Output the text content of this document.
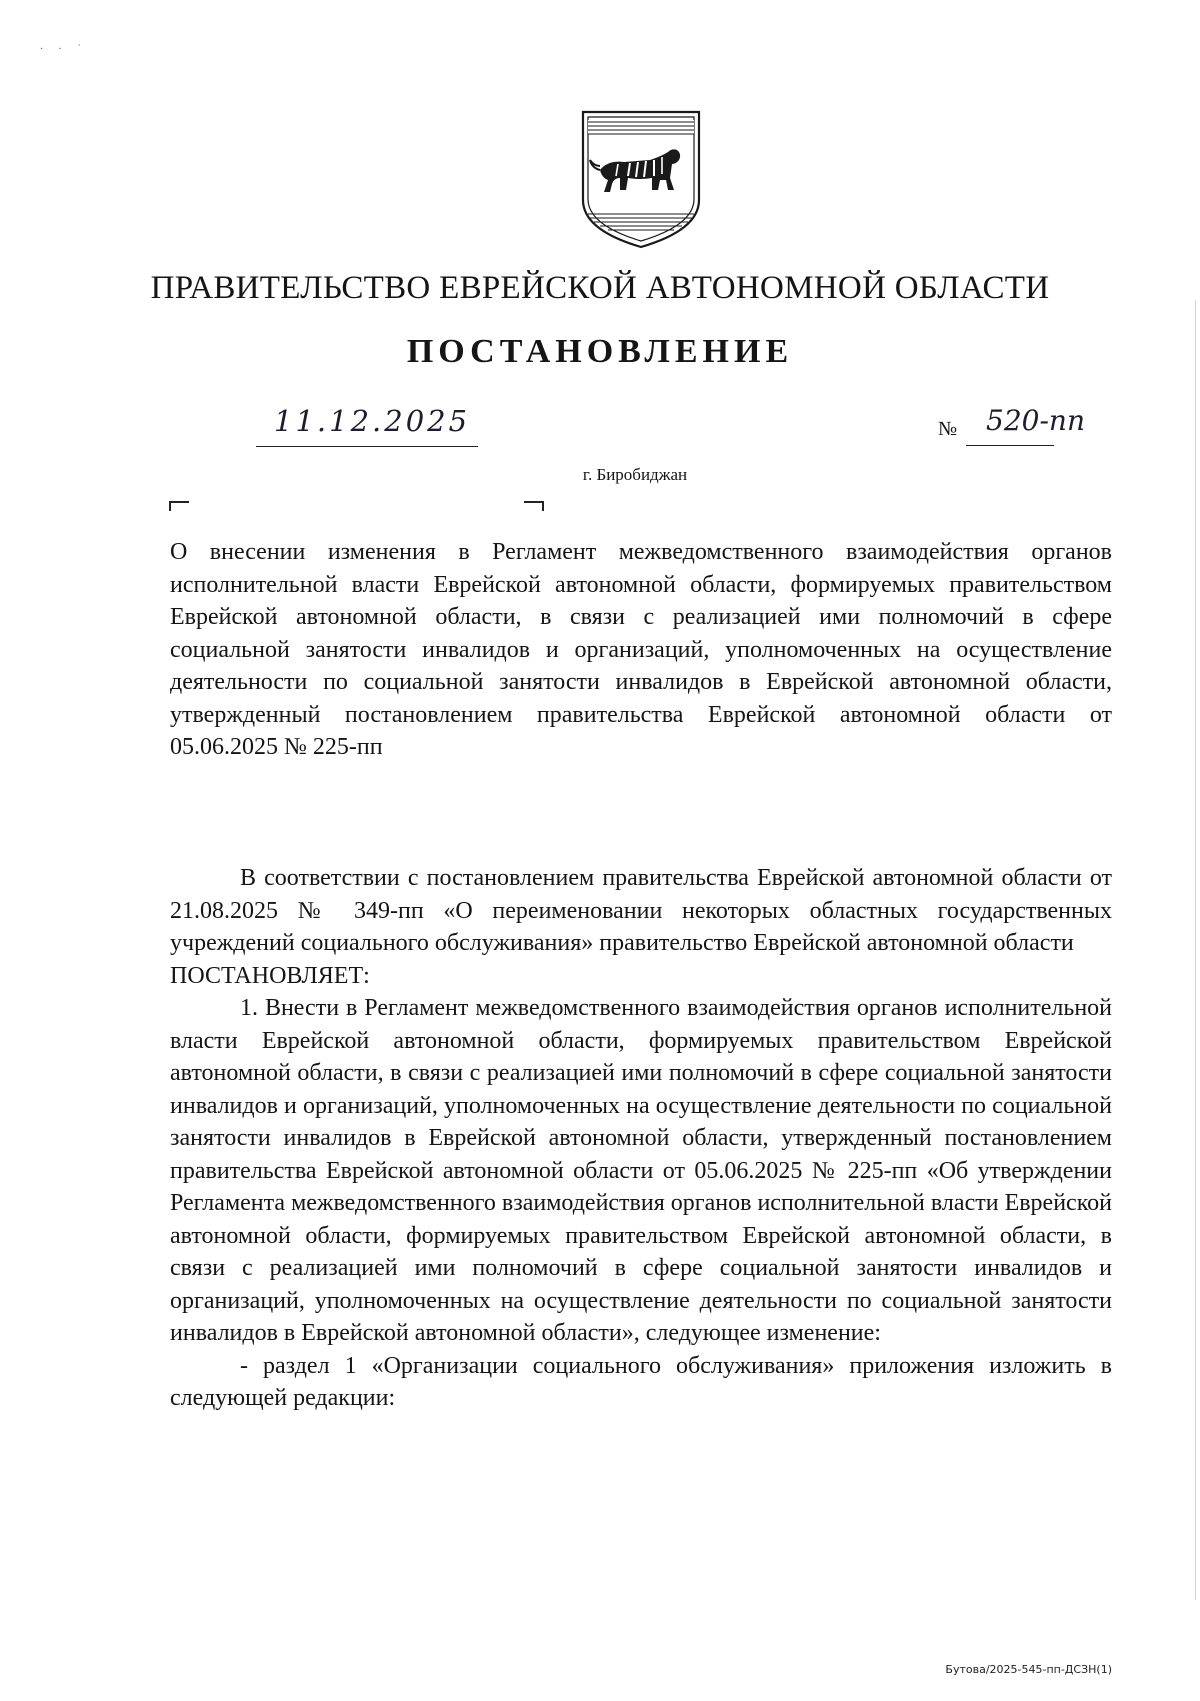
· · ˙
ПРАВИТЕЛЬСТВО ЕВРЕЙСКОЙ АВТОНОМНОЙ ОБЛАСТИ
ПОСТАНОВЛЕНИЕ
11.12.2025	№ 520-пп
г. Биробиджан
О внесении изменения в Регламент межведомственного взаимодействия органов исполнительной власти Еврейской автономной области, формируемых правительством Еврейской автономной области, в связи с реализацией ими полномочий в сфере социальной занятости инвалидов и организаций, уполномоченных на осуществление деятельности по социальной занятости инвалидов в Еврейской автономной области, утвержденный постановлением правительства Еврейской автономной области от 05.06.2025 № 225-пп

В соответствии с постановлением правительства Еврейской автономной области от 21.08.2025 № 349-пп «О переименовании некоторых областных государственных учреждений социального обслуживания» правительство Еврейской автономной области

ПОСТАНОВЛЯЕТ:

1. Внести в Регламент межведомственного взаимодействия органов исполнительной власти Еврейской автономной области, формируемых правительством Еврейской автономной области, в связи с реализацией ими полномочий в сфере социальной занятости инвалидов и организаций, уполномоченных на осуществление деятельности по социальной занятости инвалидов в Еврейской автономной области, утвержденный постановлением правительства Еврейской автономной области от 05.06.2025 № 225-пп «Об утверждении Регламента межведомственного взаимодействия органов исполнительной власти Еврейской автономной области, формируемых правительством Еврейской автономной области, в связи с реализацией ими полномочий в сфере социальной занятости инвалидов и организаций, уполномоченных на осуществление деятельности по социальной занятости инвалидов в Еврейской автономной области», следующее изменение:

- раздел 1 «Организации социального обслуживания» приложения изложить в следующей редакции:

Бутова/2025-545-пп-ДСЗН(1)
